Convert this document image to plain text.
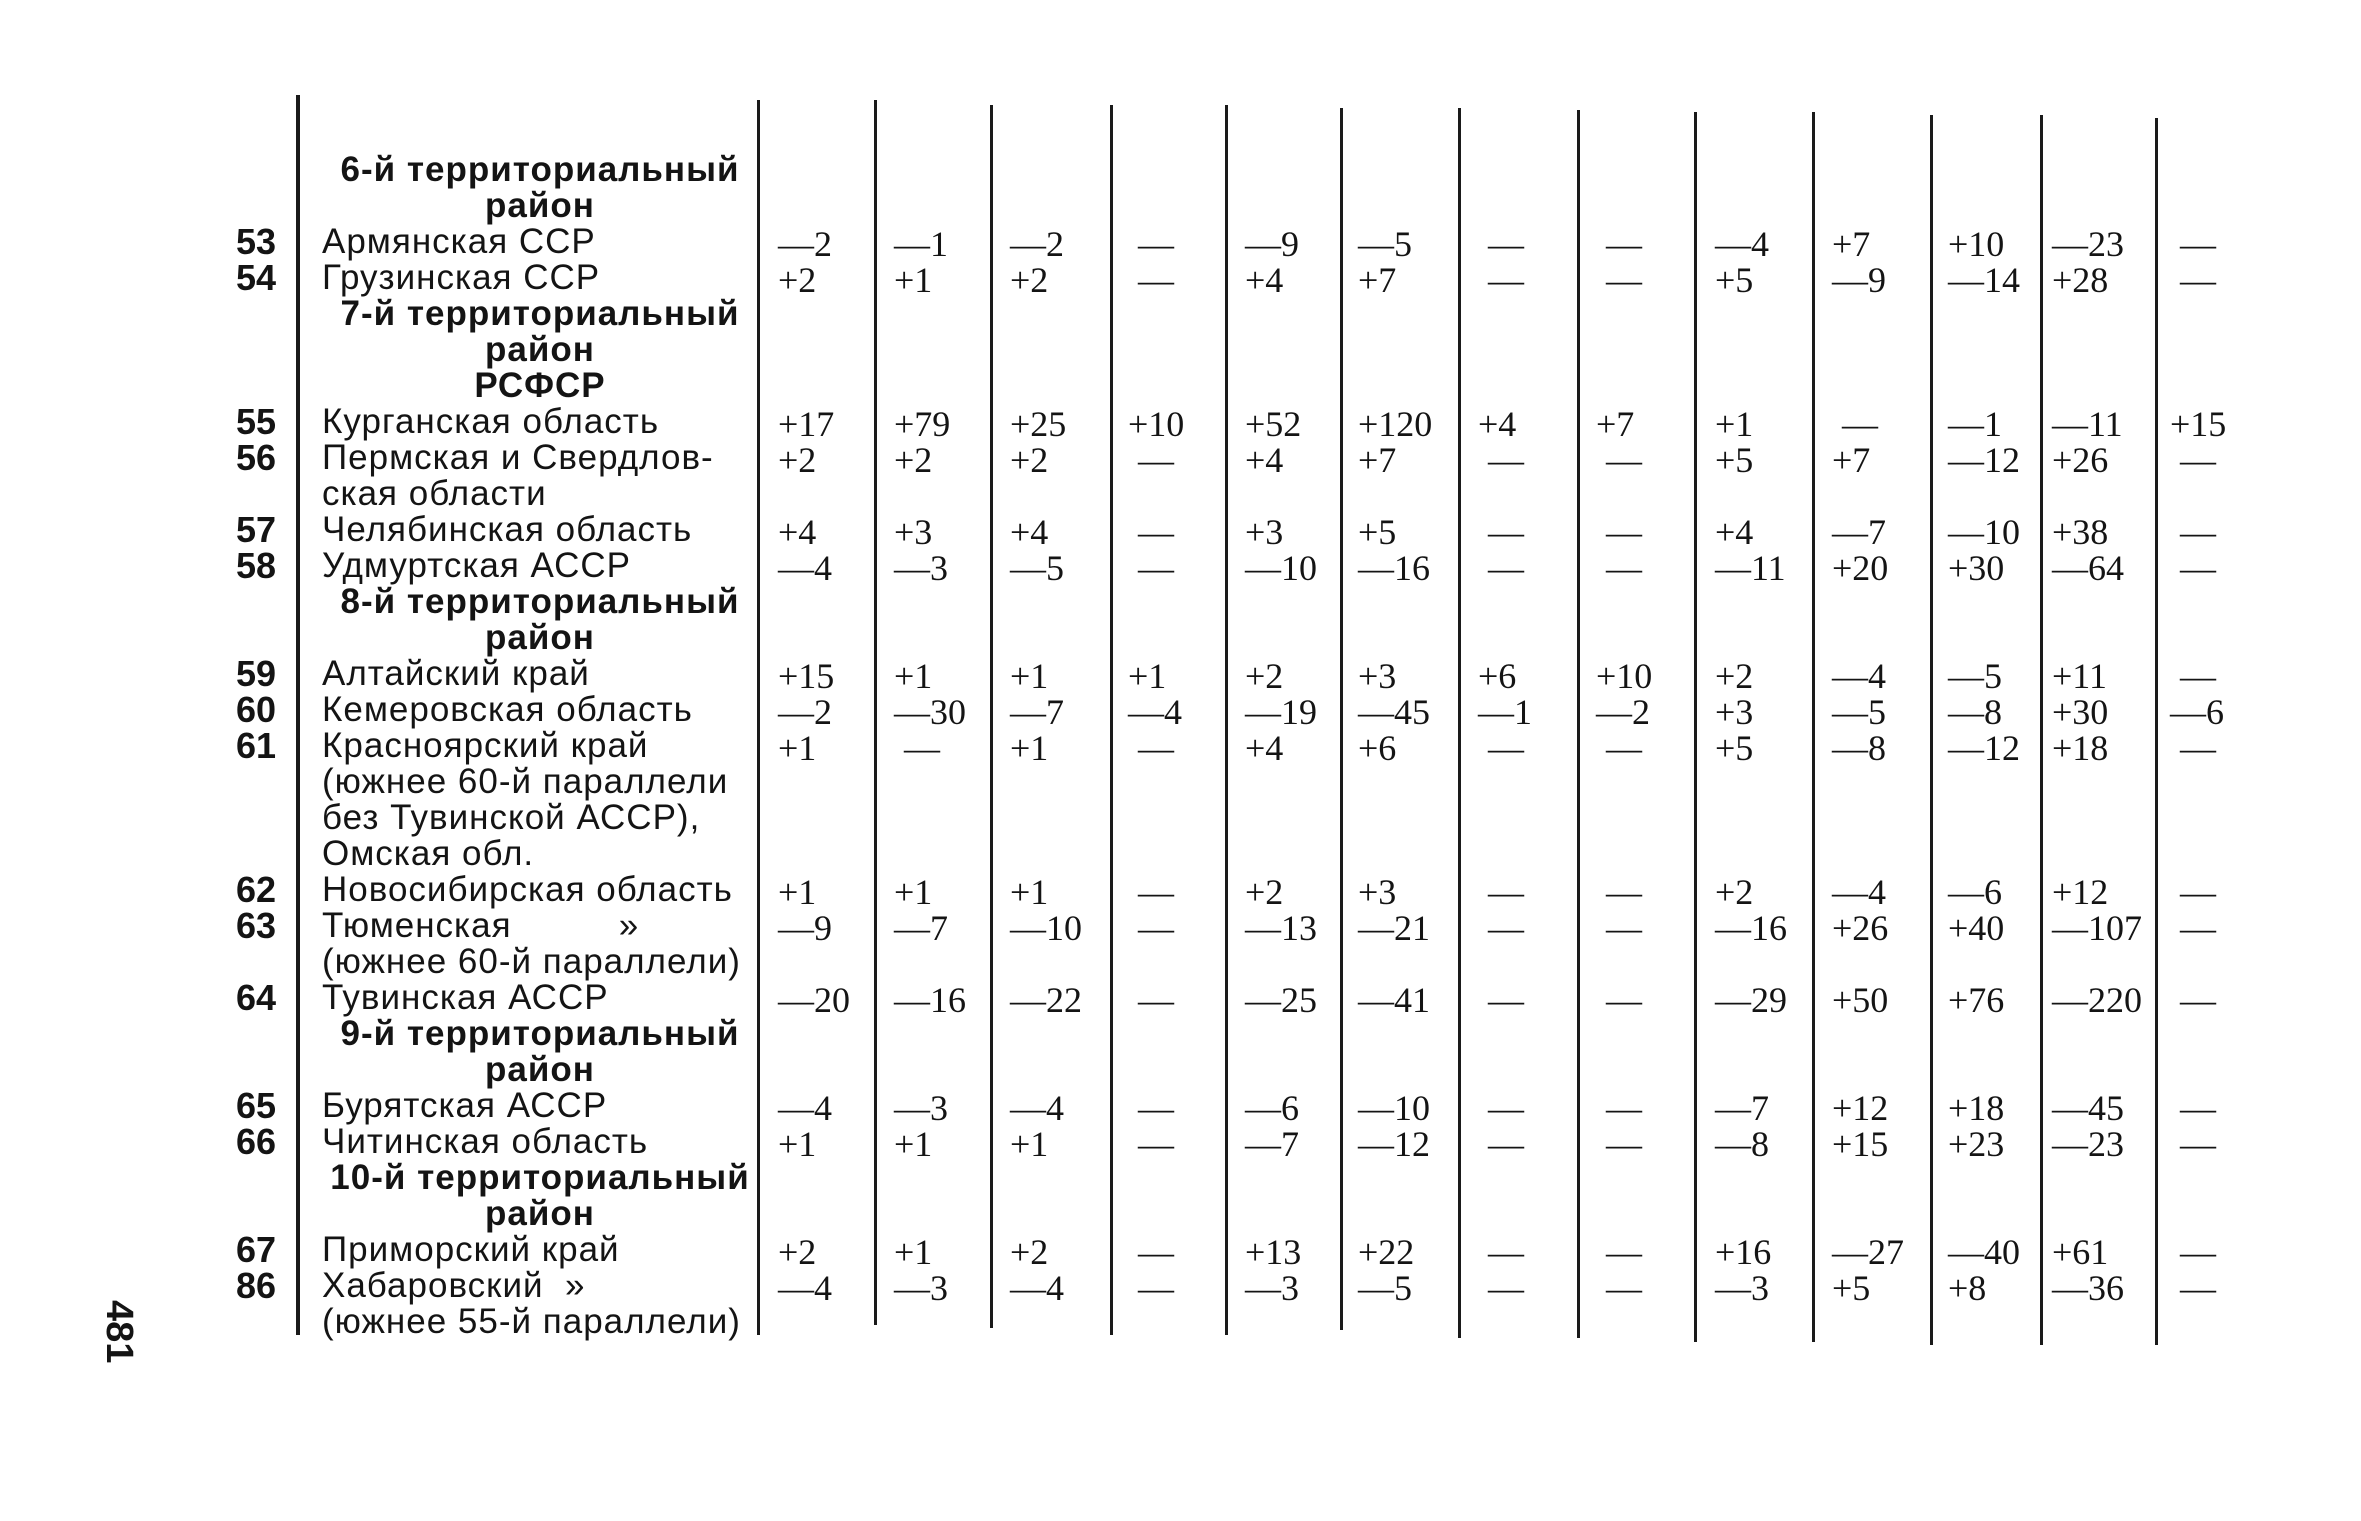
6-й территориальный
район
53 Армянская ССР	—2 —1 —2 — —9 —5 — — —4 +7 +10 —23 —
54 Грузинская ССР	+2 +1 +2 — +4 +7	— — +5 —9 —14 +28 —
7-й территориальный
район
РСФСР
55 Курганская область	+17 +79 +25 +10 +52 +120 +4 +7 +1 — —1 —11 +15
56 Пермская и Свердлов-
ская области
+2 +2 +2 — +4 +7	— — +5 +7 —12 +26 —
57 Челябинская область +4 +3 +4 — +3 +5	— — +4 —7 —10 +38 —
58 Удмуртская АССР	—4 —3 —5 — —10 —16 — — —11 +20 +30 —64 —
8-й территориальный
район
59 Алтайский край	+15 +1 +1 +1 +2 +3 +6 +10 +2 —4 —5 +11 —
60 Кемеровская область —2 —30 —7 —4 —19 —45 —1 —2 +3 —5 —8 +30 —6
61 Красноярский край
(южнее 60-й параллели
без Тувинской АССР),
Омская обл.
+1 — +1 — +4 +6	— — +5 —8 —12 +18 —
62 Новосибирская область +1 +1 +1 — +2 +3	— — +2 —4 —6 +12 —
63 Тюменская          »
(южнее 60-й параллели)
—9 —7 —10 — —13 —21 — — —16 +26 +40 —107 —
64 Тувинская АССР	—20 —16 —22 — —25 —41 — — —29 +50 +76 —220 —
9-й территориальный
район
65 Бурятская АССР	—4 —3 —4 — —6 —10 — — —7 +12 +18 —45 —
66 Читинская область	+1 +1 +1 — —7 —12 — — —8 +15 +23 —23 —
10-й территориальный
район
67 Приморский край	+2 +1 +2 — +13 +22 — — +16 —27 —40 +61 —
86 Хабаровский  »
(южнее 55-й параллели)
—4 —3 —4 — —3 —5 — — —3 +5 +8 —36 —
481
